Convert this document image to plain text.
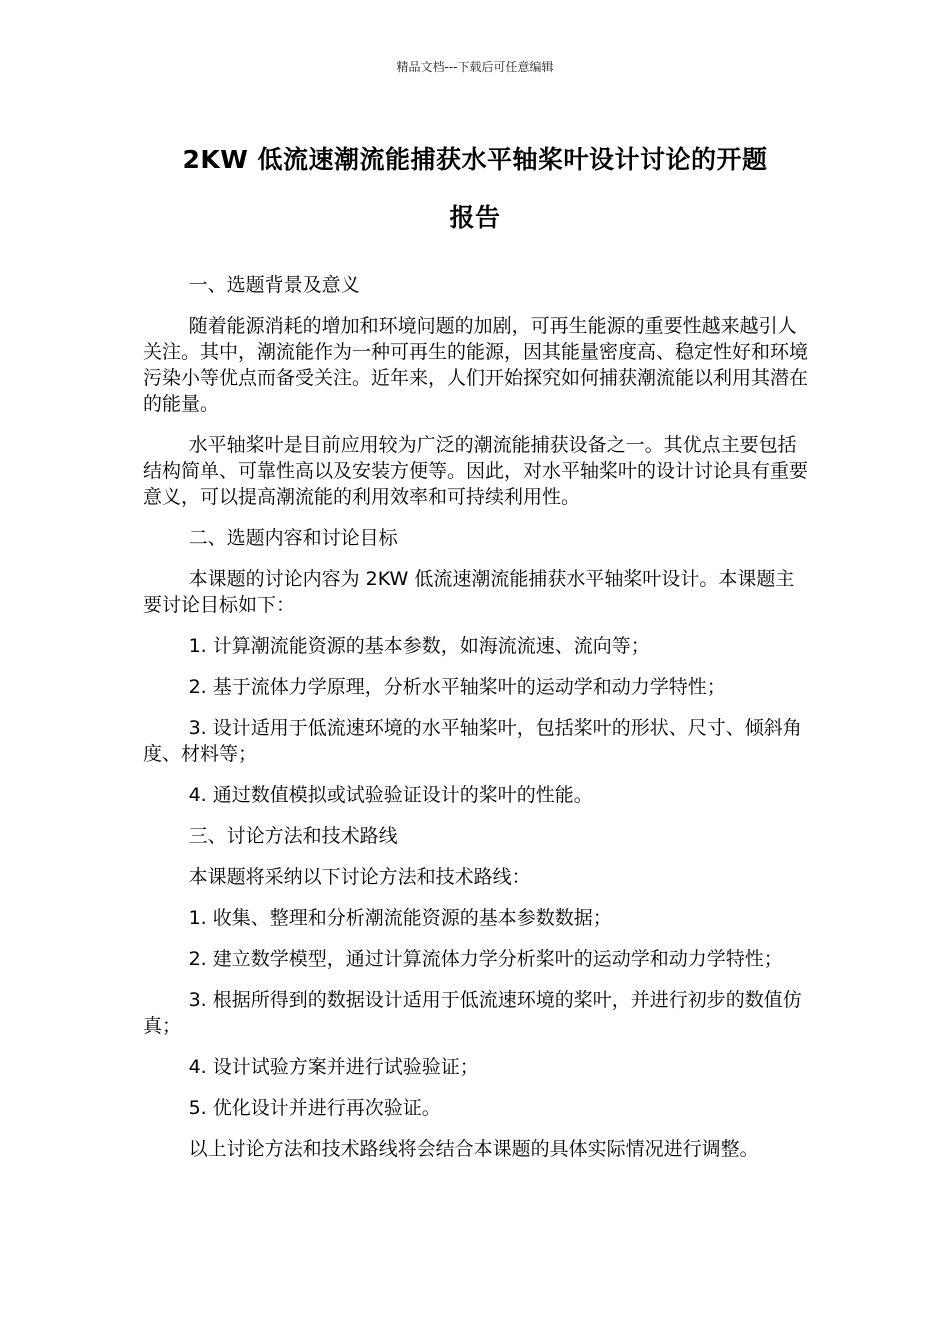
精品文档---下载后可任意编辑
2KW 低流速潮流能捕获水平轴桨叶设计讨论的开题
报告

一、选题背景及意义

随着能源消耗的增加和环境问题的加剧，可再生能源的重要性越来越引人关注。其中，潮流能作为一种可再生的能源，因其能量密度高、稳定性好和环境污染小等优点而备受关注。近年来，人们开始探究如何捕获潮流能以利用其潜在的能量。

水平轴桨叶是目前应用较为广泛的潮流能捕获设备之一。其优点主要包括结构简单、可靠性高以及安装方便等。因此，对水平轴桨叶的设计讨论具有重要意义，可以提高潮流能的利用效率和可持续利用性。

二、选题内容和讨论目标

本课题的讨论内容为 2KW 低流速潮流能捕获水平轴桨叶设计。本课题主要讨论目标如下：

1. 计算潮流能资源的基本参数，如海流流速、流向等；

2. 基于流体力学原理，分析水平轴桨叶的运动学和动力学特性；

3. 设计适用于低流速环境的水平轴桨叶，包括桨叶的形状、尺寸、倾斜角度、材料等；

4. 通过数值模拟或试验验证设计的桨叶的性能。

三、讨论方法和技术路线

本课题将采纳以下讨论方法和技术路线：

1. 收集、整理和分析潮流能资源的基本参数数据；

2. 建立数学模型，通过计算流体力学分析桨叶的运动学和动力学特性；

3. 根据所得到的数据设计适用于低流速环境的桨叶，并进行初步的数值仿真；

4. 设计试验方案并进行试验验证；

5. 优化设计并进行再次验证。

以上讨论方法和技术路线将会结合本课题的具体实际情况进行调整。
